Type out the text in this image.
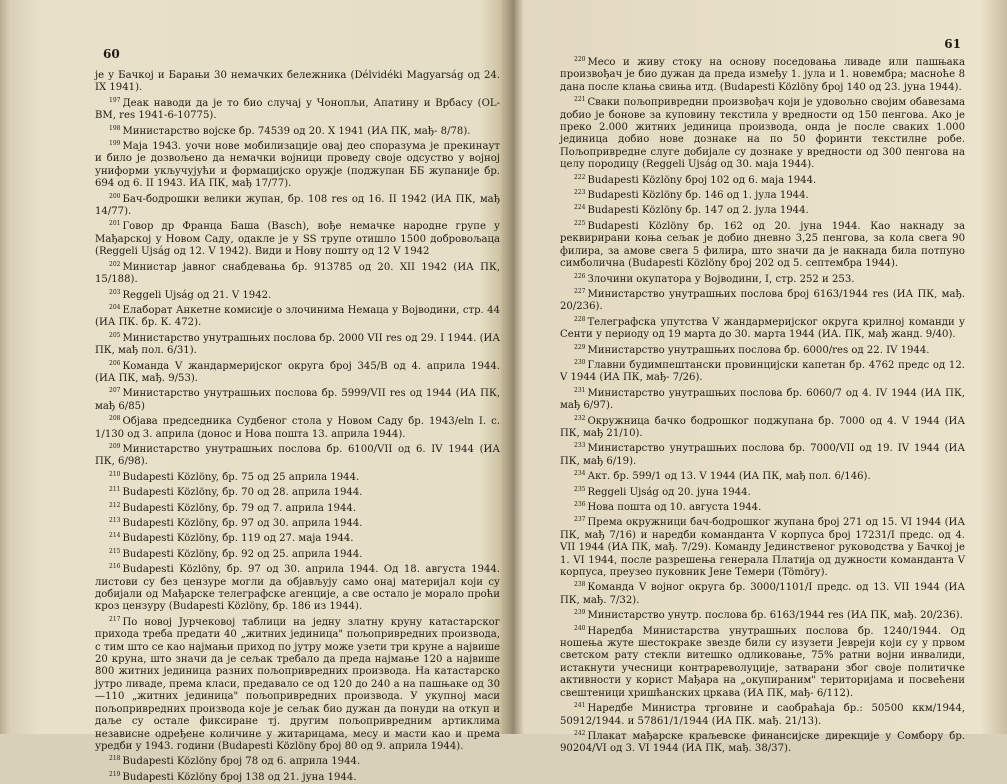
60

је у Бачкој и Барањи 30 немачких бележника (Délvidéki Magyarság од 24. IX 1941).

$^{197}$ Деак наводи да је то био случај у Чонопљи, Апатину и Врбасу (OL-BM, res 1941-6-10775).

$^{198}$ Министарство војске бр. 74539 од 20. X 1941 (ИА ПК, мађ- 8/78).

$^{199}$ Маја 1943. уочи нове мобилизације овај део споразума је прекинаут и било је дозвољено да немачки војници проведу своје одсуство у војној униформи укључујући и формацијско оружје (поджупан ББ жупаније бр. 694 од 6. II 1943. ИА ПК, мађ 17/77).

$^{200}$ Бач-бодрошки велики жупан, бр. 108 res од 16. II 1942 (ИА ПК, мађ 14/77).

$^{201}$ Говор др Франца Баша (Basch), вође немачке народне групе у Мађарској у Новом Саду, одакле је у SS трупе отишло 1500 добровољаца (Reggeli Ujság од 12. V 1942). Види и Нову пошту од 12 V 1942

$^{202}$ Министар јавног снабдевања бр. 913785 од 20. XII 1942 (ИА ПК, 15/188).

$^{203}$ Reggeli Ujság од 21. V 1942.

$^{204}$ Елаборат Анкетне комисије о злочинима Немаца у Војводини, стр. 44 (ИА ПК. бр. К. 472).

$^{205}$ Министарство унутрашњих послова бр. 2000 VII res од 29. I 1944. (ИА ПК, мађ пол. 6/31).

$^{206}$ Команда V жандармеријског округа број 345/В од 4. априла 1944. (ИА ПК, мађ. 9/53).

$^{207}$ Министарство унутрашњих послова бр. 5999/VII res од 1944 (ИА ПК, мађ 6/85)

$^{208}$ Објава председника Судбеног стола у Новом Саду бр. 1943/eln I. с. 1/130 од 3. априла (донос и Нова пошта 13. априла 1944).

$^{209}$ Министарство унутрашњих послова бр. 6100/VII од 6. IV 1944 (ИА ПК, 6/98).

$^{210}$ Budapesti Közlöny, бр. 75 од 25 априла 1944.

$^{211}$ Budapesti Közlöny, бр. 70 од 28. априла 1944.

$^{212}$ Budapesti Közlöny, бр. 79 од 7. априла 1944.

$^{213}$ Budapesti Közlöny, бр. 97 од 30. априла 1944.

$^{214}$ Budapesti Közlöny, бр. 119 од 27. маја 1944.

$^{215}$ Budapesti Közlöny, бр. 92 од 25. априла 1944.

$^{216}$ Budapesti Közlöny, бр. 97 од 30. априла 1944. Од 18. августа 1944. листови су без цензуре могли да објављују само онај материјал који су добијали од Мађарске телеграфске агенције, а све остало је морало проћи кроз цензуру (Budapesti Közlöny, бр. 186 из 1944).

$^{217}$ По новој Јурчековој таблици на једну златну круну катастарског прихода треба предати 40 „житних јединица" пољопривредних производа, с тим што се као најмањи приход по јутру може узети три круне а највише 20 круна, што значи да је сељак требало да преда најмање 120 а највише 800 житних јединица разних пољопривредних производа. На катастарско јутро ливаде, према класи, предавало се од 120 до 240 а на пашњаке од 30—110 „житних јединица" пољопривредних производа. У укупној маси пољопривредних производа које је сељак био дужан да понуди на откуп и даље су остале фиксиране тј. другим пољопривредним артиклима независне одређене количине у житарицама, месу и масти као и према уредби у 1943. години (Budapesti Közlöny брoj 80 од 9. априла 1944).

$^{218}$ Budapesti Közlöny број 78 од 6. априла 1944.

$^{219}$ Budapesti Közlöny број 138 од 21. јуна 1944.

61

$^{220}$ Месо и живу стоку на основу поседовања ливаде или пашњака произвођач је био дужан да преда између 1. јула и 1. новембра; масноће 8 дана после клања свиња итд. (Budapesti Közlöny број 140 од 23. јуна 1944).

$^{221}$ Сваки пољопривредни произвођач који је удовољно својим обавезама добио је бонове за куповину текстила у вредности од 150 пенгова. Ако је преко 2.000 житних јединица производа, онда је после сваких 1.000 јединица добио нове дознаке на по 50 форинти текстилне робе. Пољопривредне слуге добијале су дознаке у вредности од 300 пенгова на целу породицу (Reggeli Ujság од 30. маја 1944).

$^{222}$ Budapesti Közlöny број 102 од 6. маја 1944.

$^{223}$ Budapesti Közlöny бр. 146 од 1. јула 1944.

$^{224}$ Budapesti Közlöny бр. 147 од 2. јула 1944.

$^{225}$ Budapesti Közlöny бр. 162 од 20. јуна 1944. Као накнаду за реквирирани коња сељак је добио дневно 3,25 пенгова, за кола свега 90 филира, за амове свега 5 филира, што значи да је накнада била потпуно симболична (Budapesti Közlöny број 202 од 5. септембра 1944).

$^{226}$ Злочини окупатора у Војводини, I, стр. 252 и 253.

$^{227}$ Министарство унутрашњих послова број 6163/1944 res (ИА ПК, мађ. 20/236).

$^{228}$ Телеграфска упутства V жандармеријског округа крилној команди у Сенти у периоду од 19 марта до 30. марта 1944 (ИА. ПК, мађ жанд. 9/40).

$^{229}$ Министарство унутрашњих послова бр. 6000/res од 22. IV 1944.

$^{230}$ Главни будимпештански провинцијски капетан бр. 4762 прeдс од 12. V 1944 (ИА ПК, мађ- 7/26).

$^{231}$ Министарство унутрашњих послова бр. 6060/7 од 4. IV 1944 (ИА ПК, мађ 6/97).

$^{232}$ Окружница бачко бодрошког поджупана бр. 7000 од 4. V 1944 (ИА ПК, мађ 21/10).

$^{233}$ Министарство унутрашњих послова бр. 7000/VII од 19. IV 1944 (ИА ПК, мађ 6/19).

$^{234}$ Акт. бр. 599/1 од 13. V 1944 (ИА ПК, мађ пол. 6/146).

$^{235}$ Reggeli Ujság од 20. јуна 1944.

$^{236}$ Нова пошта од 10. августа 1944.

$^{237}$ Према окружници бач-бодрошког жупана број 271 од 15. VI 1944 (ИА ПК, мађ 7/16) и наредби команданта V корпуса број 17231/I прeдс. од 4. VII 1944 (ИА ПК, мађ. 7/29). Команду Јединственог руководства у Бачкој је 1. VI 1944, после разрешења генерала Платија од дужности команданта V корпуса, преузео пуковник Јене Темери (Tömöry).

$^{238}$ Команда V војног округа бр. 3000/1101/I прeдс. од 13. VII 1944 (ИА ПК, мађ. 7/32).

$^{239}$ Министарство унутр. послова бр. 6163/1944 res (ИА ПК, мађ. 20/236).

$^{240}$ Наредба Министарства унутрашњих послова бр. 1240/1944. Од ношења жуте шестокраке звезде били су изузети Јевреји који су у првом светском рату стекли витешко одликовање, 75% ратни војни инвалиди, истакнути учесници контрареволуције, затварани због своје политичке активности у корист Мађара на „окупираним" територијама и посвећени свештеници хришћанских цркава (ИА ПК, мађ- 6/112).

$^{241}$ Наредбе Министра трговине и саобраћаја бр.: 50500 ккм/1944, 50912/1944. и 57861/1/1944 (ИА ПК. мађ. 21/13).

$^{242}$ Плакат мађарске краљевске финансијске дирекције у Сомбору бр. 90204/VI од 3. VI 1944 (ИА ПК, мађ. 38/37).
